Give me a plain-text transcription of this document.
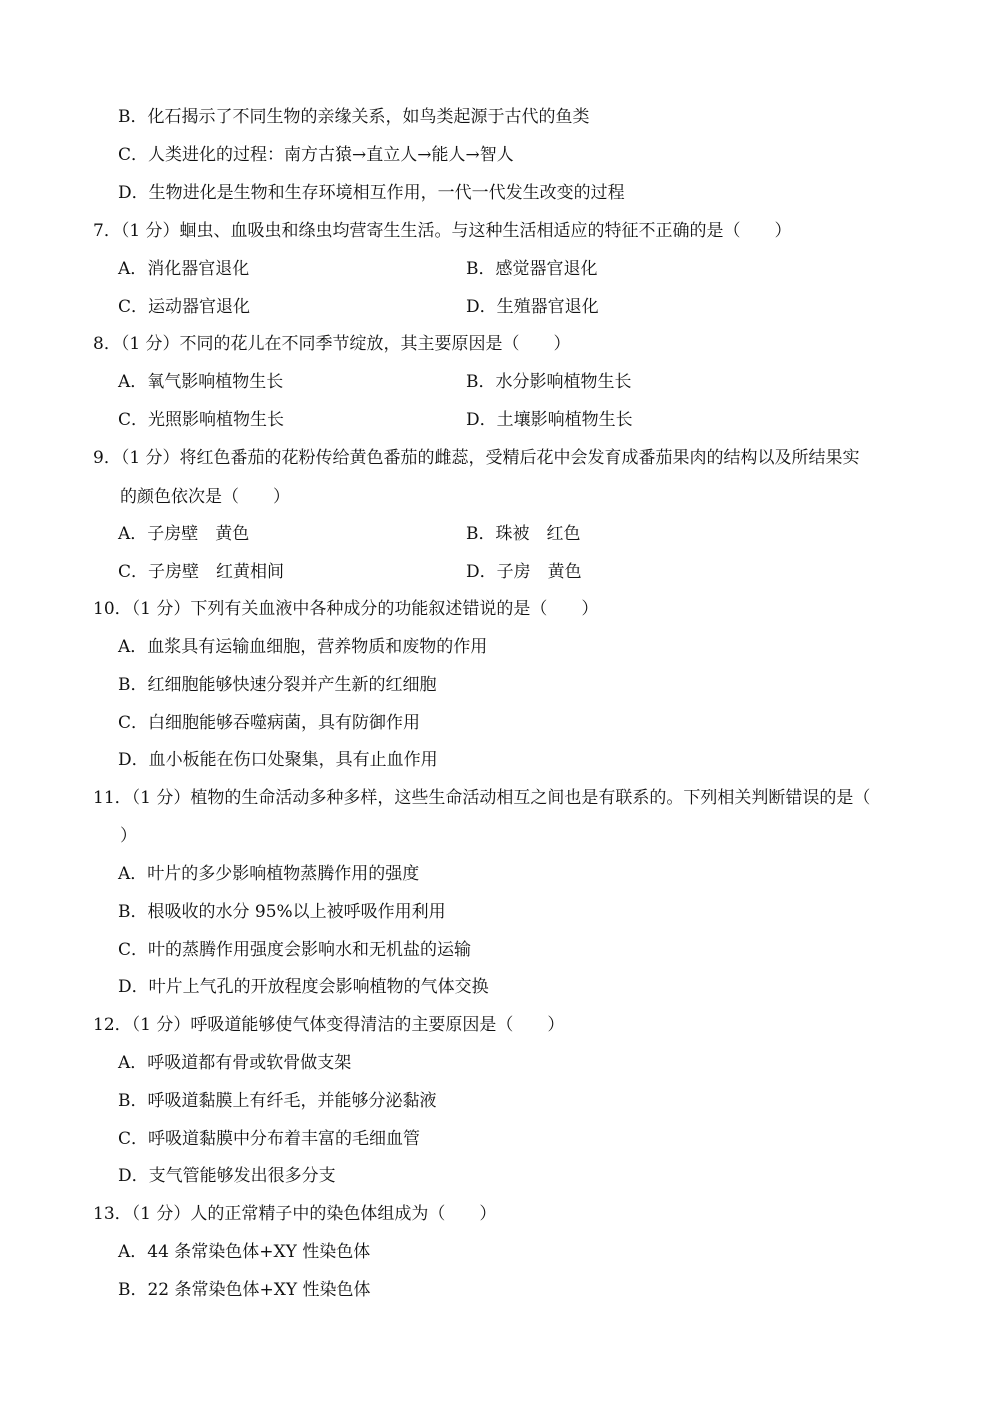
B．化石揭示了不同生物的亲缘关系，如鸟类起源于古代的鱼类
C．人类进化的过程：南方古猿→直立人→能人→智人
D．生物进化是生物和生存环境相互作用，一代一代发生改变的过程
7．（1 分）蛔虫、血吸虫和绦虫均营寄生生活。与这种生活相适应的特征不正确的是（　　）
A．消化器官退化	B．感觉器官退化
C．运动器官退化	D．生殖器官退化
8．（1 分）不同的花儿在不同季节绽放，其主要原因是（　　）
A．氧气影响植物生长	B．水分影响植物生长
C．光照影响植物生长	D．土壤影响植物生长
9．（1 分）将红色番茄的花粉传给黄色番茄的雌蕊，受精后花中会发育成番茄果肉的结构以及所结果实
的颜色依次是（　　）
A．子房壁　黄色	B．珠被　红色
C．子房壁　红黄相间	D．子房　黄色
10．（1 分）下列有关血液中各种成分的功能叙述错说的是（　　）
A．血浆具有运输血细胞，营养物质和废物的作用
B．红细胞能够快速分裂并产生新的红细胞
C．白细胞能够吞噬病菌，具有防御作用
D．血小板能在伤口处聚集，具有止血作用
11．（1 分）植物的生命活动多种多样，这些生命活动相互之间也是有联系的。下列相关判断错误的是（
）
A．叶片的多少影响植物蒸腾作用的强度
B．根吸收的水分 95%以上被呼吸作用利用
C．叶的蒸腾作用强度会影响水和无机盐的运输
D．叶片上气孔的开放程度会影响植物的气体交换
12．（1 分）呼吸道能够使气体变得清洁的主要原因是（　　）
A．呼吸道都有骨或软骨做支架
B．呼吸道黏膜上有纤毛，并能够分泌黏液
C．呼吸道黏膜中分布着丰富的毛细血管
D．支气管能够发出很多分支
13．（1 分）人的正常精子中的染色体组成为（　　）
A．44 条常染色体+XY 性染色体
B．22 条常染色体+XY 性染色体
